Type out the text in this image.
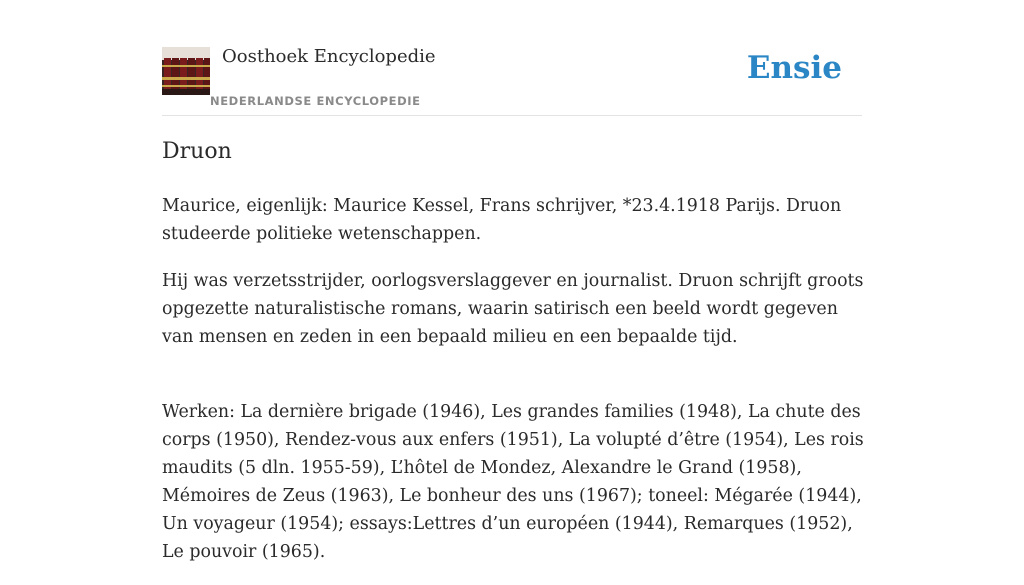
Oosthoek Encyclopedie
NEDERLANDSE ENCYCLOPEDIE
Ensie
Druon

Maurice, eigenlijk: Maurice Kessel, Frans schrijver, *23.4.1918 Parijs. Druon studeerde politieke wetenschappen.

Hij was verzetsstrijder, oorlogsverslaggever en journalist. Druon schrijft groots opgezette naturalistische romans, waarin satirisch een beeld wordt gegeven van mensen en zeden in een bepaald milieu en een bepaalde tijd.

Werken: La dernière brigade (1946), Les grandes families (1948), La chute des corps (1950), Rendez-vous aux enfers (1951), La volupté d’être (1954), Les rois maudits (5 dln. 1955-59), L’hôtel de Mondez, Alexandre le Grand (1958), Mémoires de Zeus (1963), Le bonheur des uns (1967); toneel: Mégarée (1944), Un voyageur (1954); essays:Lettres d’un européen (1944), Remarques (1952), Le pouvoir (1965).
